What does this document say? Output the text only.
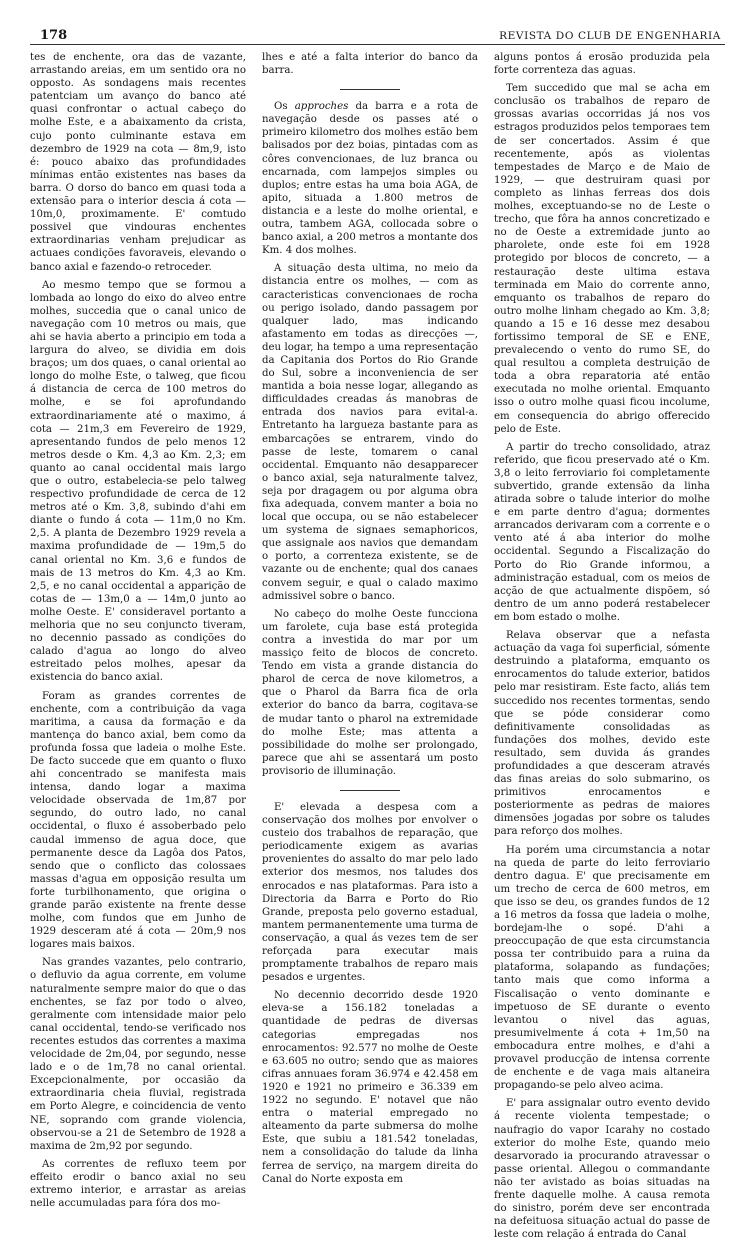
178	REVISTA DO CLUB DE ENGENHARIA

tes de enchente, ora das de vazante, arrastando areias, em um sentido ora no opposto. As sondagens mais recentes patentciam um avanço do banco até quasi confrontar o actual cabeço do molhe Este, e a abaixamento da crista, cujo ponto culminante estava em dezembro de 1929 na cota — 8m,9, isto é: pouco abaixo das profundidades mínimas então existentes nas bases da barra. O dorso do banco em quasi toda a extensão para o interior descia á cota — 10m,0, proximamente. E' comtudo possivel que vindouras enchentes extraordinarias venham prejudicar as actuaes condições favoraveis, elevando o banco axial e fazendo-o retroceder.

Ao mesmo tempo que se formou a lombada ao longo do eixo do alveo entre molhes, succedia que o canal unico de navegação com 10 metros ou mais, que ahi se havia aberto a principio em toda a largura do alveo, se dividia em dois braços; um dos quaes, o canal oriental ao longo do molhe Este, o talweg, que ficou á distancia de cerca de 100 metros do molhe, e se foi aprofundando extraordinariamente até o maximo, á cota — 21m,3 em Fevereiro de 1929, apresentando fundos de pelo menos 12 metros desde o Km. 4,3 ao Km. 2,3; em quanto ao canal occidental mais largo que o outro, estabelecia-se pelo talweg respectivo profundidade de cerca de 12 metros até o Km. 3,8, subindo d'ahi em diante o fundo á cota — 11m,0 no Km. 2,5. A planta de Dezembro 1929 revela a maxima profundidade de — 19m,5 do canal oriental no Km. 3,6 e fundos de mais de 13 metros do Km. 4,3 ao Km. 2,5, e no canal occidental a apparição de cotas de — 13m,0 a — 14m,0 junto ao molhe Oeste. E' consideravel portanto a melhoria que no seu conjuncto tiveram, no decennio passado as condições do calado d'agua ao longo do alveo estreitado pelos molhes, apesar da existencia do banco axial.

Foram as grandes correntes de enchente, com a contribuição da vaga maritima, a causa da formação e da mantença do banco axial, bem como da profunda fossa que ladeia o molhe Este. De facto succede que em quanto o fluxo ahi concentrado se manifesta mais intensa, dando logar a maxima velocidade observada de 1m,87 por segundo, do outro lado, no canal occidental, o fluxo é assoberbado pelo caudal immenso de agua doce, que permanente desce da Lagôa dos Patos, sendo que o conflicto das colossaes massas d'agua em opposição resulta um forte turbilhonamento, que origina o grande parão existente na frente desse molhe, com fundos que em Junho de 1929 desceram até á cota — 20m,9 nos logares mais baixos.

Nas grandes vazantes, pelo contrario, o defluvio da agua corrente, em volume naturalmente sempre maior do que o das enchentes, se faz por todo o alveo, geralmente com intensidade maior pelo canal occidental, tendo-se verificado nos recentes estudos das correntes a maxima velocidade de 2m,04, por segundo, nesse lado e o de 1m,78 no canal oriental. Excepcionalmente, por occasião da extraordinaria cheia fluvial, registrada em Porto Alegre, e coincidencia de vento NE, soprando com grande violencia, observou-se a 21 de Setembro de 1928 a maxima de 2m,92 por segundo.

As correntes de refluxo teem por effeito erodir o banco axial no seu extremo interior, e arrastar as areias nelle accumuladas para fóra dos mo-

lhes e até a falta interior do banco da barra.

Os approches da barra e a rota de navegação desde os passes até o primeiro kilometro dos molhes estão bem balisados por dez boias, pintadas com as côres convencionaes, de luz branca ou encarnada, com lampejos simples ou duplos; entre estas ha uma boia AGA, de apito, situada a 1.800 metros de distancia e a leste do molhe oriental, e outra, tambem AGA, collocada sobre o banco axial, a 200 metros a montante dos Km. 4 dos molhes.

A situação desta ultima, no meio da distancia entre os molhes, — com as caracteristicas convencionaes de rocha ou perigo isolado, dando passagem por qualquer lado, mas indicando afastamento em todas as direcções —, deu logar, ha tempo a uma representação da Capitania dos Portos do Rio Grande do Sul, sobre a inconveniencia de ser mantida a boia nesse logar, allegando as difficuldades creadas ás manobras de entrada dos navios para evital-a. Entretanto ha largueza bastante para as embarcações se entrarem, vindo do passe de leste, tomarem o canal occidental. Emquanto não desapparecer o banco axial, seja naturalmente talvez, seja por dragagem ou por alguma obra fixa adequada, convem manter a boia no local que occupa, ou se não estabelecer um systema de signaes semaphoricos, que assignale aos navios que demandam o porto, a correnteza existente, se de vazante ou de enchente; qual dos canaes convem seguir, e qual o calado maximo admissivel sobre o banco.

No cabeço do molhe Oeste funcciona um farolete, cuja base está protegida contra a investida do mar por um massiço feito de blocos de concreto. Tendo em vista a grande distancia do pharol de cerca de nove kilometros, a que o Pharol da Barra fica de orla exterior do banco da barra, cogitava-se de mudar tanto o pharol na extremidade do molhe Este; mas attenta a possibilidade do molhe ser prolongado, parece que ahi se assentará um posto provisorio de illuminação.

E' elevada a despesa com a conservação dos molhes por envolver o custeio dos trabalhos de reparação, que periodicamente exigem as avarias provenientes do assalto do mar pelo lado exterior dos mesmos, nos taludes dos enrocados e nas plataformas. Para isto a Directoria da Barra e Porto do Rio Grande, preposta pelo governo estadual, mantem permanentemente uma turma de conservação, a qual ás vezes tem de ser reforçada para executar mais promptamente trabalhos de reparo mais pesados e urgentes.

No decennio decorrido desde 1920 eleva-se a 156.182 toneladas a quantidade de pedras de diversas categorias empregadas nos enrocamentos: 92.577 no molhe de Oeste e 63.605 no outro; sendo que as maiores cifras annuaes foram 36.974 e 42.458 em 1920 e 1921 no primeiro e 36.339 em 1922 no segundo. E' notavel que não entra o material empregado no alteamento da parte submersa do molhe Este, que subiu a 181.542 toneladas, nem a consolidação do talude da linha ferrea de serviço, na margem direita do Canal do Norte exposta em

alguns pontos á erosão produzida pela forte correnteza das aguas.

Tem succedido que mal se acha em conclusão os trabalhos de reparo de grossas avarias occorridas já nos vos estragos produzidos pelos temporaes tem de ser concertados. Assim é que recentemente, após as violentas tempestades de Março e de Maio de 1929, — que destruiram quasi por completo as linhas ferreas dos dois molhes, exceptuando-se no de Leste o trecho, que fôra ha annos concretizado e no de Oeste a extremidade junto ao pharolete, onde este foi em 1928 protegido por blocos de concreto, — a restauração deste ultima estava terminada em Maio do corrente anno, emquanto os trabalhos de reparo do outro molhe linham chegado ao Km. 3,8; quando a 15 e 16 desse mez desabou fortissimo temporal de SE e ENE, prevalecendo o vento do rumo SE, do qual resultou a completa destruição de toda a obra reparatoria até então executada no molhe oriental. Emquanto isso o outro molhe quasi ficou incolume, em consequencia do abrigo offerecido pelo de Este.

A partir do trecho consolidado, atraz referido, que ficou preservado até o Km. 3,8 o leito ferroviario foi completamente subvertido, grande extensão da linha atirada sobre o talude interior do molhe e em parte dentro d'agua; dormentes arrancados derivaram com a corrente e o vento até á aba interior do molhe occidental. Segundo a Fiscalização do Porto do Rio Grande informou, a administração estadual, com os meios de acção de que actualmente dispõem, só dentro de um anno poderá restabelecer em bom estado o molhe.

Relava observar que a nefasta actuação da vaga foi superficial, sómente destruindo a plataforma, emquanto os enrocamentos do talude exterior, batidos pelo mar resistiram. Este facto, aliás tem succedido nos recentes tormentas, sendo que se póde considerar como definitivamente consolidadas as fundações dos molhes, devido este resultado, sem duvida ás grandes profundidades a que desceram através das finas areias do solo submarino, os primitivos enrocamentos e posteriormente as pedras de maiores dimensões jogadas por sobre os taludes para reforço dos molhes.

Ha porém uma circumstancia a notar na queda de parte do leito ferroviario dentro dagua. E' que precisamente em um trecho de cerca de 600 metros, em que isso se deu, os grandes fundos de 12 a 16 metros da fossa que ladeia o molhe, bordejam-lhe o sopé. D'ahi a preoccupação de que esta circumstancia possa ter contribuido para a ruina da plataforma, solapando as fundações; tanto mais que como informa a Fiscalisação o vento dominante e impetuoso de SE durante o evento levantou o nivel das aguas, presumivelmente á cota + 1m,50 na embocadura entre molhes, e d'ahi a provavel producção de intensa corrente de enchente e de vaga mais altaneira propagando-se pelo alveo acima.

E' para assignalar outro evento devido á recente violenta tempestade; o naufragio do vapor Icarahy no costado exterior do molhe Este, quando meio desarvorado ia procurando atravessar o passe oriental. Allegou o commandante não ter avistado as boias situadas na frente daquelle molhe. A causa remota do sinistro, porém deve ser encontrada na defeituosa situação actual do passe de leste com relação á entrada do Canal
